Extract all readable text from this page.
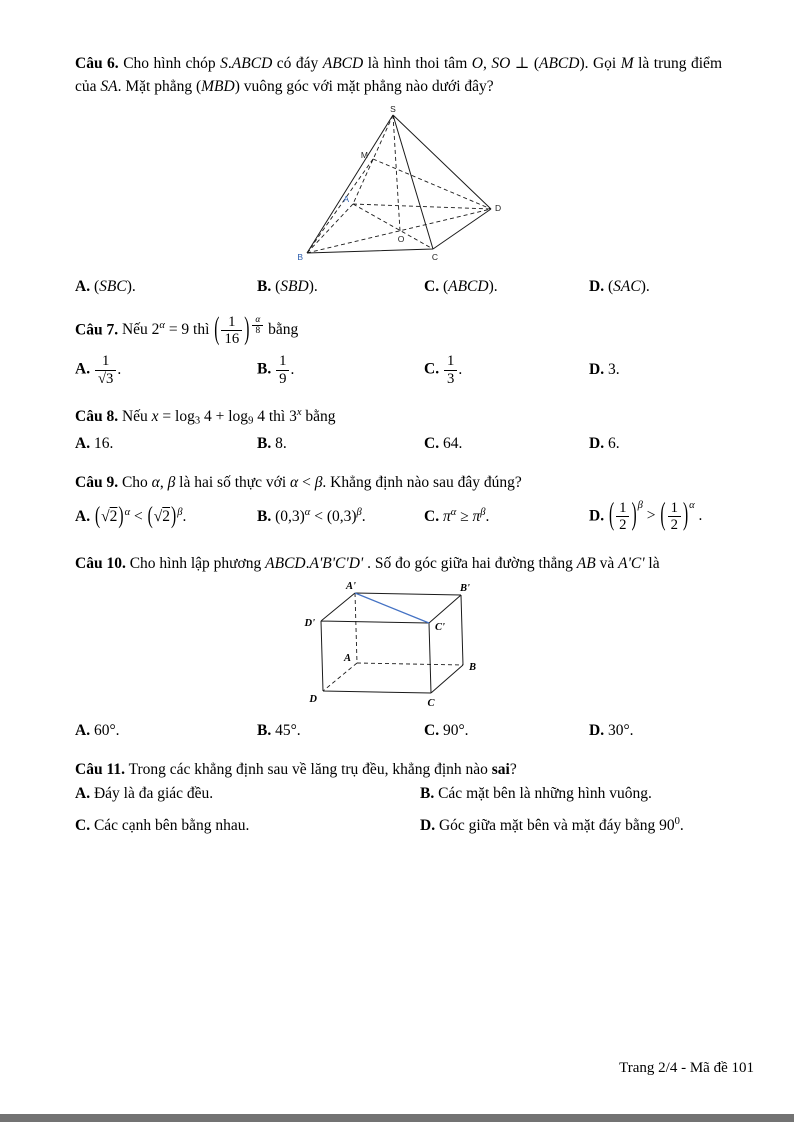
Câu 6. Cho hình chóp S.ABCD có đáy ABCD là hình thoi tâm O, SO ⊥ (ABCD). Gọi M là trung điểm của SA. Mặt phẳng (MBD) vuông góc với mặt phẳng nào dưới đây?

S
M
A
B	C
D
O
A. (SBC).	B. (SBD).	C. (ABCD).	D. (SAC).

Câu 7. Nếu $2^\alpha = 9$ thì ( $\frac{1}{16}$ ) $\frac{\alpha}{8}$ bằng

A. $\frac{1}{√3}$ .	B. $\frac{1}{9}$ .	C. $\frac{1}{3}$ .	D. 3.

Câu 8. Nếu $x = \log_3 4 + \log_9 4$ thì 3$^x$ bằng

A. 16.	B. 8.	C. 64.	D. 6.

Câu 9. Cho α, β là hai số thực với α < β. Khẳng định nào sau đây đúng?

A. $(√2)^\alpha < (√2)^\beta$.	B. $(0,3)^\alpha < (0,3)^\beta$.	C. $\pi^\alpha \ge \pi^\beta$.	D. ( $\frac{1}{2} )^\beta$ > ( $\frac{1}{2} )^\alpha$ .

Câu 10. Cho hình lập phương ABCD.A'B'C'D' . Số đo góc giữa hai đường thẳng AB và A'C' là

A'	B'
C'
D'
A
B
C
D
A. 60°.	B. 45°.	C. 90°.	D. 30°.

Câu 11. Trong các khẳng định sau về lăng trụ đều, khẳng định nào sai?

A. Đáy là đa giác đều.	B. Các mặt bên là những hình vuông.
C. Các cạnh bên bằng nhau.	D. Góc giữa mặt bên và mặt đáy bằng $90^0$.
Trang 2/4 - Mã đề 101
